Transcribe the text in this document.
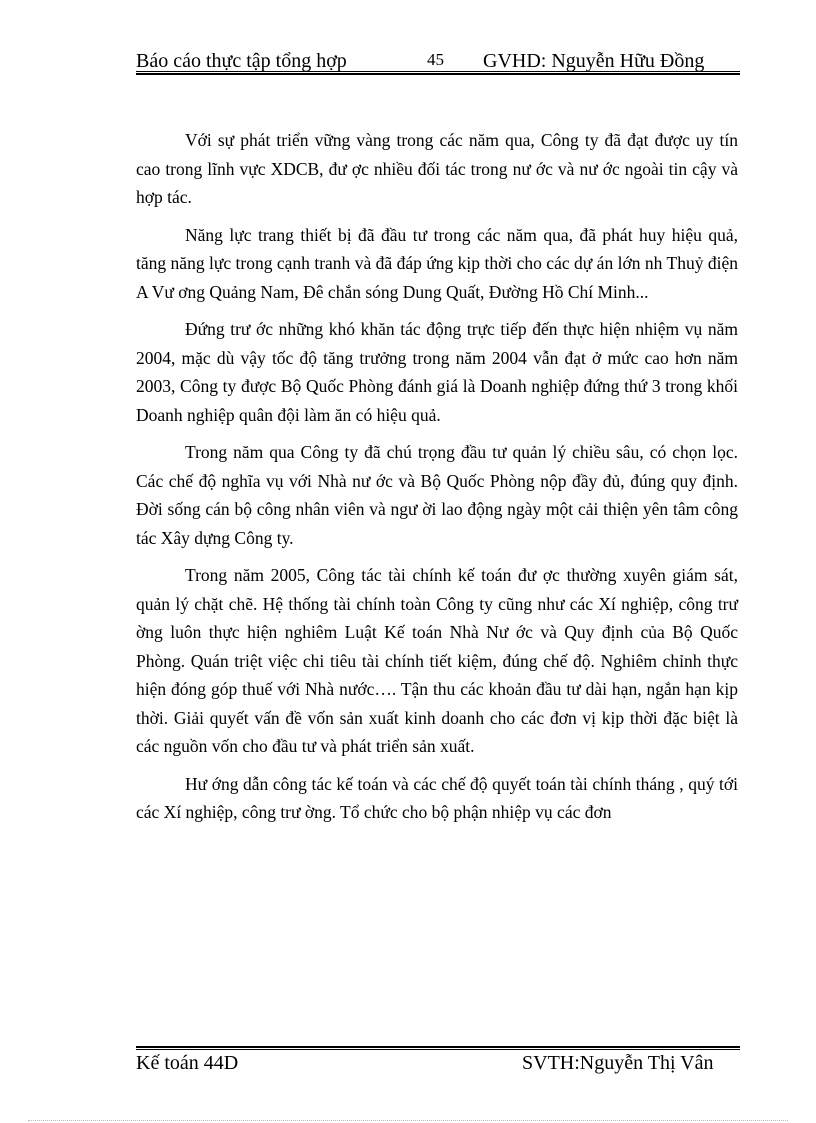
Báo cáo thực tập tổng hợp	45 GVHD: Nguyễn Hữu Đồng

Với sự phát triển vững vàng trong các năm qua, Công ty đã đạt được uy tín cao trong lĩnh vực XDCB, đư ợc nhiều đối tác trong nư ớc và nư ớc ngoài tin cậy và hợp tác.

Năng lực trang thiết bị đã đầu tư trong các năm qua, đã phát huy hiệu quả, tăng năng lực trong cạnh tranh và đã đáp ứng kịp thời cho các dự án lớn nh Thuỷ điện A Vư ơng Quảng Nam, Đê chắn sóng Dung Quất, Đường Hồ Chí Minh...

Đứng trư ớc những khó khăn tác động trực tiếp đến thực hiện nhiệm vụ năm 2004, mặc dù vậy tốc độ tăng trưởng trong năm 2004 vẫn đạt ở mức cao hơn năm 2003, Công ty được Bộ Quốc Phòng đánh giá là Doanh nghiệp đứng thứ 3 trong khối Doanh nghiệp quân đội làm ăn có hiệu quả.

Trong năm qua Công ty đã chú trọng đầu tư quản lý chiều sâu, có chọn lọc. Các chế độ nghĩa vụ với Nhà nư ớc và Bộ Quốc Phòng nộp đầy đủ, đúng quy định. Đời sống cán bộ công nhân viên và ngư ời lao động ngày một cải thiện yên tâm công tác Xây dựng Công ty.

Trong năm 2005, Công tác tài chính kế toán đư ợc thường xuyên giám sát, quản lý chặt chẽ. Hệ thống tài chính toàn Công ty cũng như các Xí nghiệp, công trư ờng luôn thực hiện nghiêm Luật Kế toán Nhà Nư ớc và Quy định của Bộ Quốc Phòng. Quán triệt việc chi tiêu tài chính tiết kiệm, đúng chế độ. Nghiêm chỉnh thực hiện đóng góp thuế với Nhà nước…. Tận thu các khoản đầu tư dài hạn, ngắn hạn kịp thời. Giải quyết vấn đề vốn sản xuất kinh doanh cho các đơn vị kịp thời đặc biệt là các nguồn vốn cho đầu tư và phát triển sản xuất.

Hư ớng dẫn công tác kế toán và các chế độ quyết toán tài chính tháng , quý tới các Xí nghiệp, công trư ờng. Tổ chức cho bộ phận nhiệp vụ các đơn

Kế toán 44D	SVTH:Nguyễn Thị Vân
